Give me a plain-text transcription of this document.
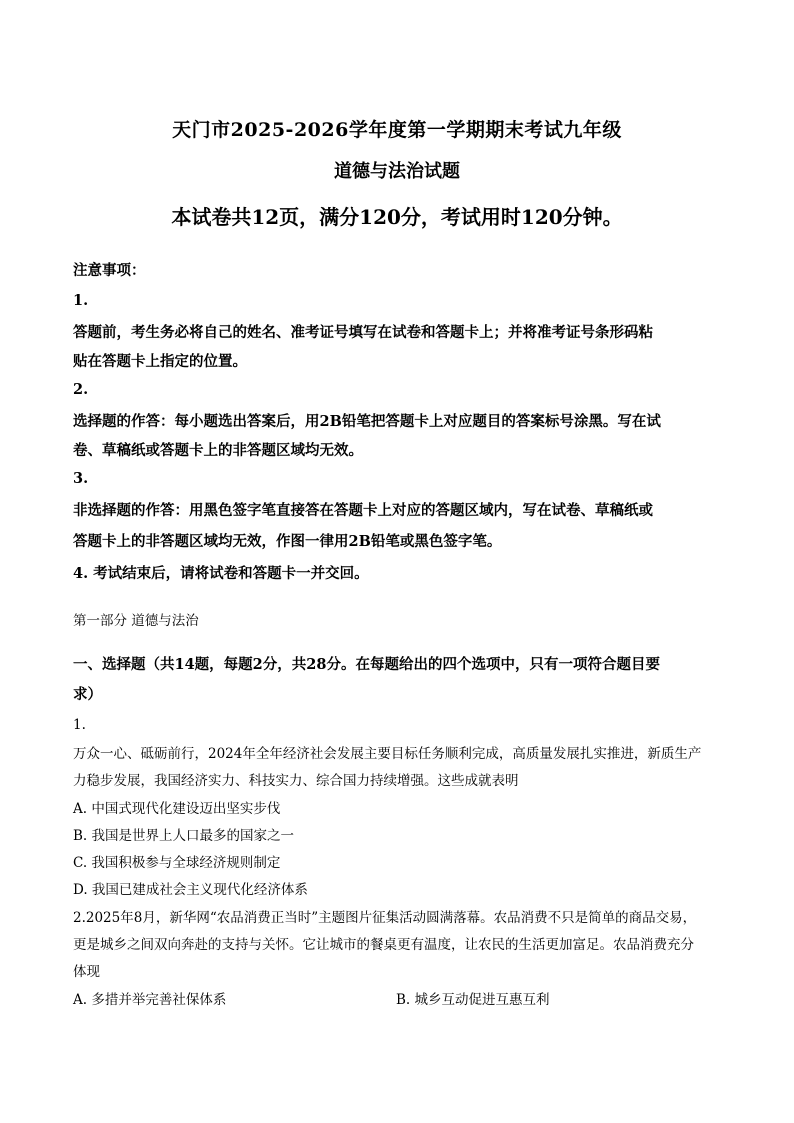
天门市2025-2026学年度第一学期期末考试九年级
道德与法治试题
本试卷共12页，满分120分，考试用时120分钟。
注意事项：
1.
答题前，考生务必将自己的姓名、准考证号填写在试卷和答题卡上；并将准考证号条形码粘
贴在答题卡上指定的位置。
2.
选择题的作答：每小题选出答案后，用2B铅笔把答题卡上对应题目的答案标号涂黑。写在试
卷、草稿纸或答题卡上的非答题区域均无效。
3.
非选择题的作答：用黑色签字笔直接答在答题卡上对应的答题区域内，写在试卷、草稿纸或
答题卡上的非答题区域均无效，作图一律用2B铅笔或黑色签字笔。
4. 考试结束后，请将试卷和答题卡一并交回。
第一部分 道德与法治
一、选择题（共14题，每题2分，共28分。在每题给出的四个选项中，只有一项符合题目要
求）
1.
万众一心、砥砺前行，2024年全年经济社会发展主要目标任务顺利完成，高质量发展扎实推进，新质生产
力稳步发展，我国经济实力、科技实力、综合国力持续增强。这些成就表明
A. 中国式现代化建设迈出坚实步伐
B. 我国是世界上人口最多的国家之一
C. 我国积极参与全球经济规则制定
D. 我国已建成社会主义现代化经济体系
2.2025年8月，新华网“农品消费正当时”主题图片征集活动圆满落幕。农品消费不只是简单的商品交易，
更是城乡之间双向奔赴的支持与关怀。它让城市的餐桌更有温度，让农民的生活更加富足。农品消费充分
体现
A. 多措并举完善社保体系	B. 城乡互动促进互惠互利
